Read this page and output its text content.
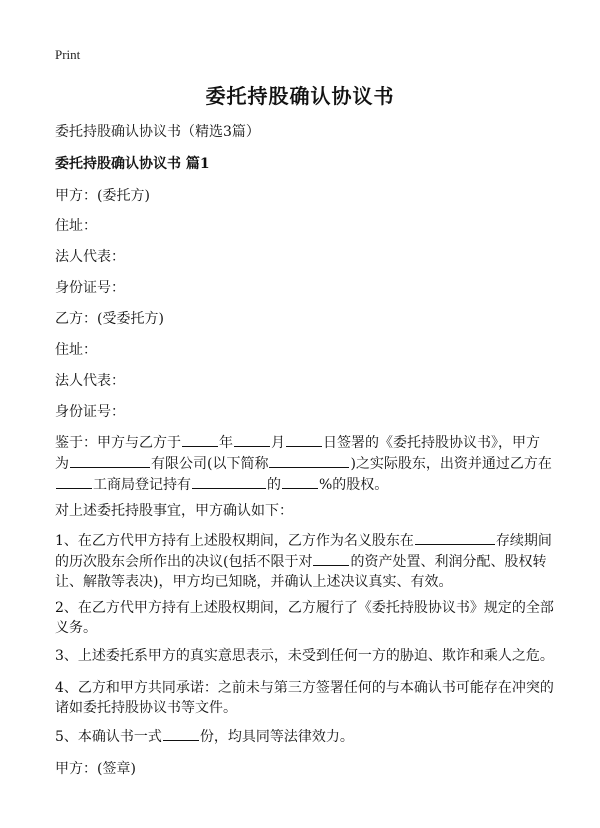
Print
委托持股确认协议书
委托持股确认协议书（精选3篇）
委托持股确认协议书 篇1
甲方：(委托方)
住址：
法人代表：
身份证号：
乙方：(受委托方)
住址：
法人代表：
身份证号：
鉴于：甲方与乙方于	年	月	日签署的《委托持股协议书》，甲方
为	有限公司(以下简称	)之实际股东，出资并通过乙方在
工商局登记持有	的	%的股权。
对上述委托持股事宜，甲方确认如下：
1、在乙方代甲方持有上述股权期间，乙方作为名义股东在	存续期间的历次股东会所作出的决议(包括不限于对	的资产处置、利润分配、股权转让、解散等表决)，甲方均已知晓，并确认上述决议真实、有效。
2、在乙方代甲方持有上述股权期间，乙方履行了《委托持股协议书》规定的全部义务。
3、上述委托系甲方的真实意思表示，未受到任何一方的胁迫、欺诈和乘人之危。
4、乙方和甲方共同承诺：之前未与第三方签署任何的与本确认书可能存在冲突的诸如委托持股协议书等文件。
5、本确认书一式	份，均具同等法律效力。
甲方：(签章)
